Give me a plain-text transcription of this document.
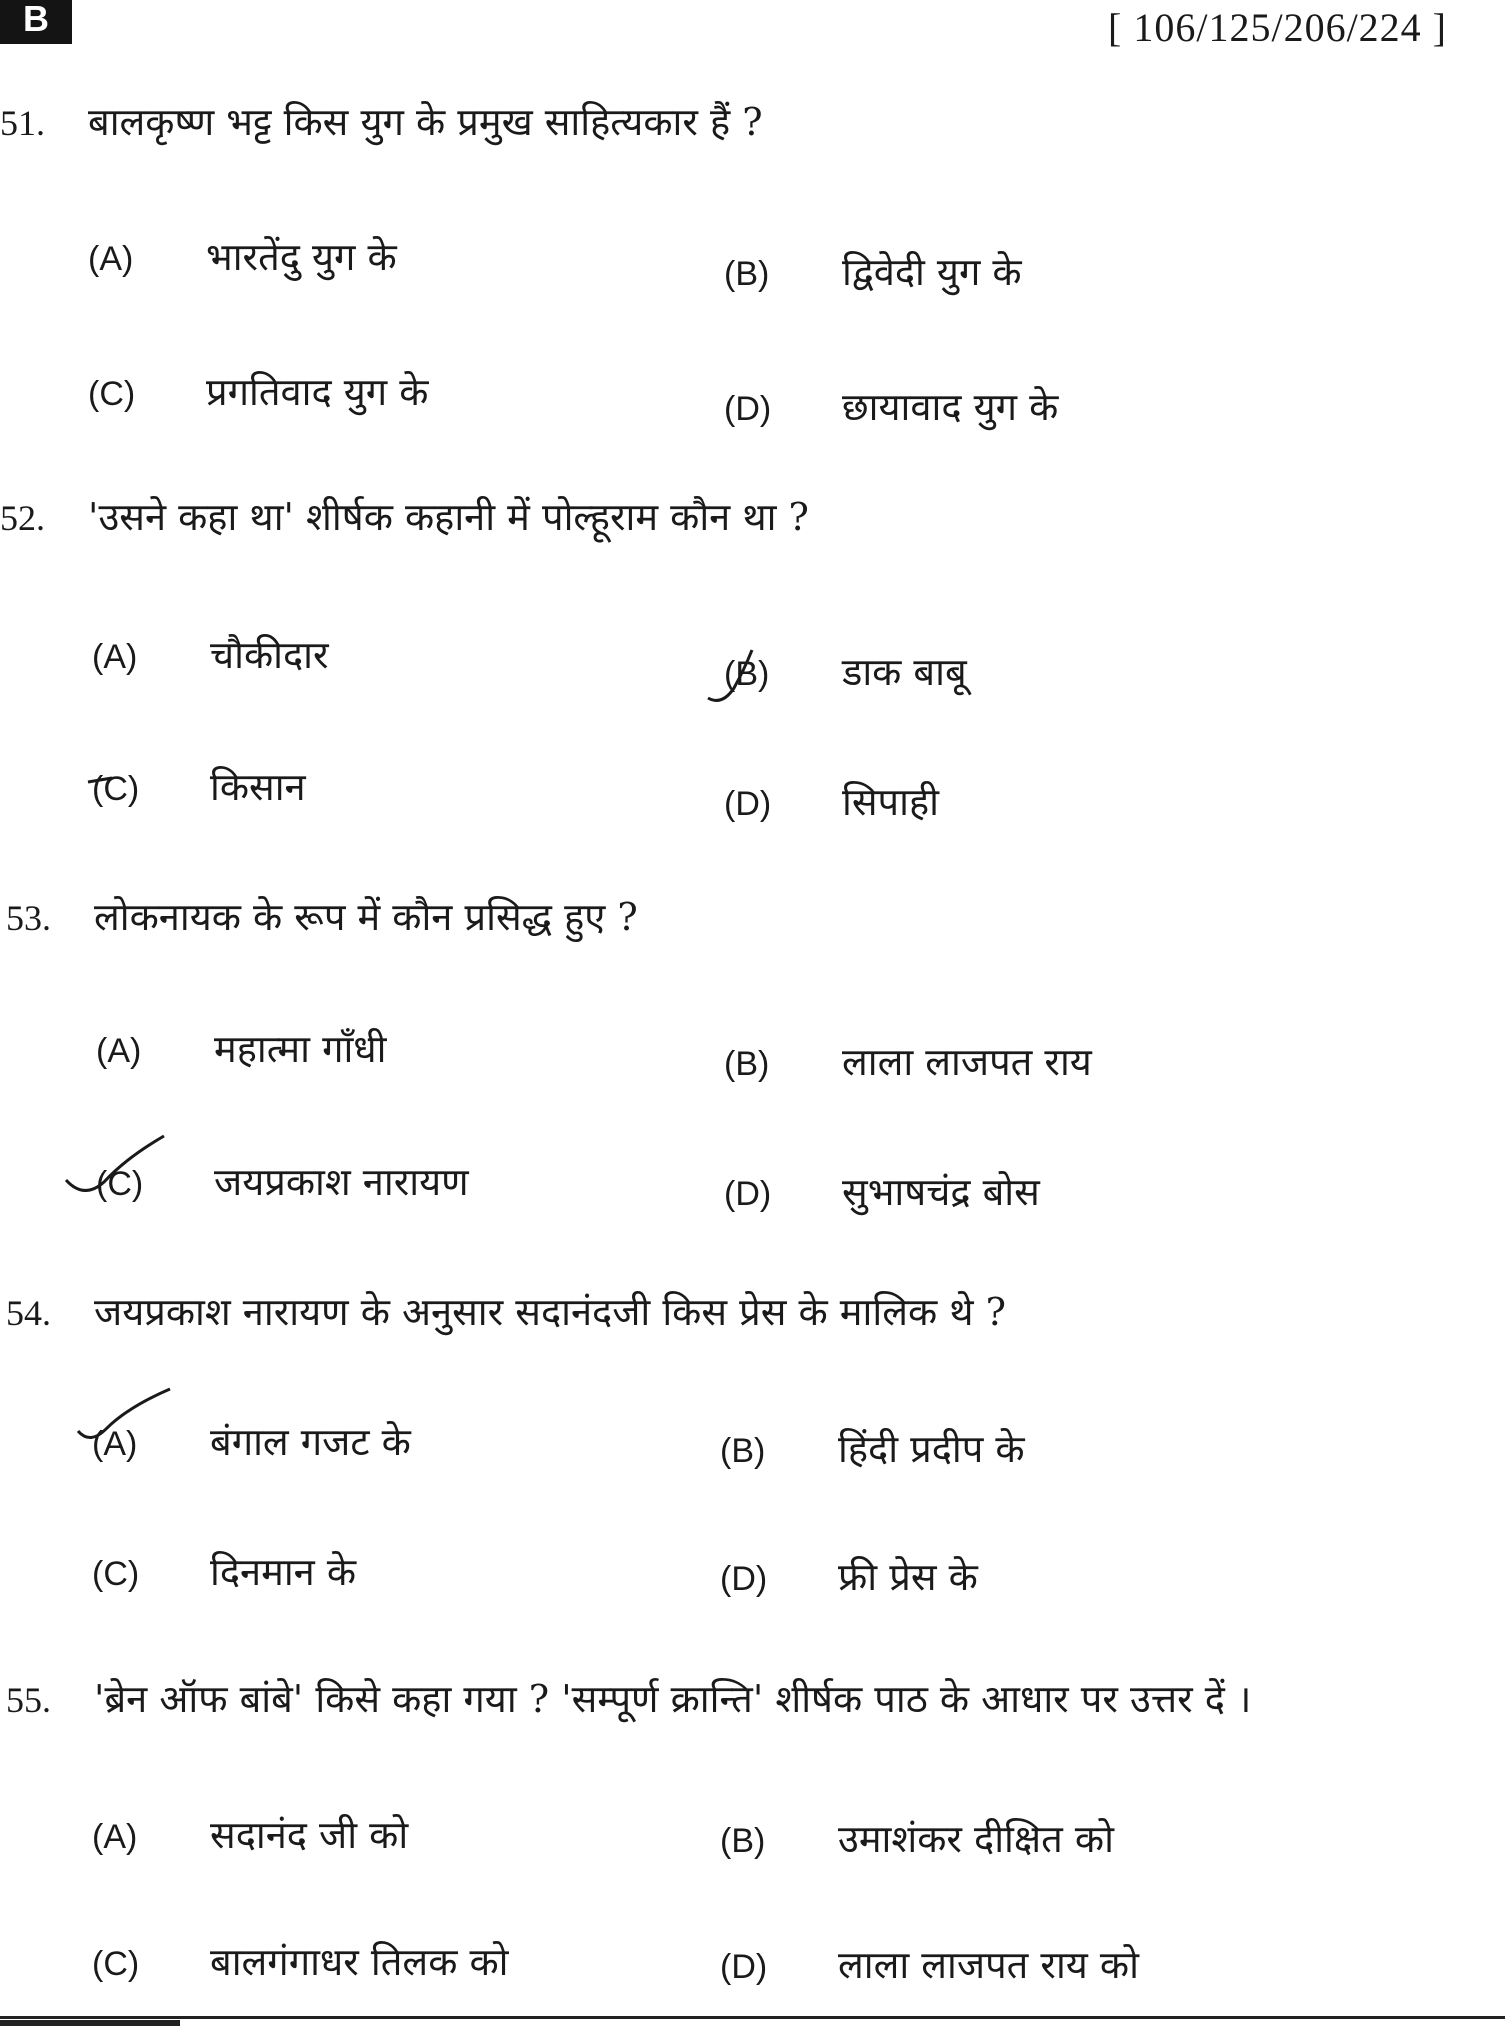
B	[ 106/125/206/224 ]
51. बालकृष्ण भट्ट किस युग के प्रमुख साहित्यकार हैं ?
(A) भारतेंदु युग के	(B) द्विवेदी युग के
(C) प्रगतिवाद युग के	(D) छायावाद युग के
52. 'उसने कहा था' शीर्षक कहानी में पोल्हूराम कौन था ?
(A) चौकीदार	(B) डाक बाबू
(C) किसान	(D) सिपाही
53. लोकनायक के रूप में कौन प्रसिद्ध हुए ?
(A) महात्मा गाँधी	(B) लाला लाजपत राय
(C) जयप्रकाश नारायण	(D) सुभाषचंद्र बोस
54. जयप्रकाश नारायण के अनुसार सदानंदजी किस प्रेस के मालिक थे ?
(A) बंगाल गजट के	(B) हिंदी प्रदीप के
(C) दिनमान के	(D) फ्री प्रेस के
55. 'ब्रेन ऑफ बांबे' किसे कहा गया ? 'सम्पूर्ण क्रान्ति' शीर्षक पाठ के आधार पर उत्तर दें ।
(A) सदानंद जी को	(B) उमाशंकर दीक्षित को
(C) बालगंगाधर तिलक को	(D) लाला लाजपत राय को
